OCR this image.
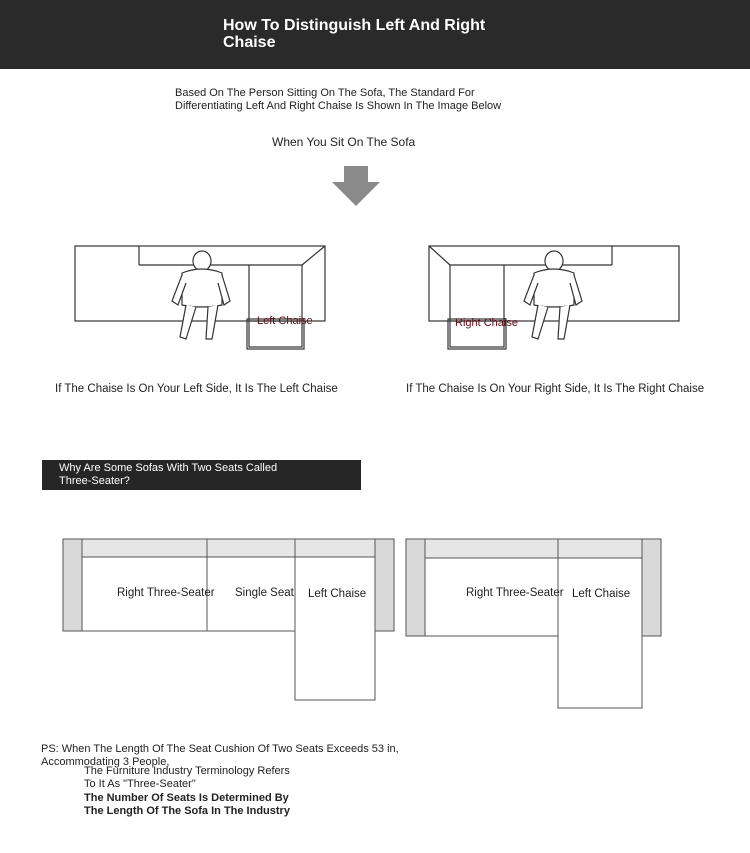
How To Distinguish Left And Right Chaise
Based On The Person Sitting On The Sofa, The Standard For
Differentiating Left And Right Chaise Is Shown In The Image Below
When You Sit On The Sofa
Left Chaise
If The Chaise Is On Your Left Side, It Is The Left Chaise
Right Chaise
If The Chaise Is On Your Right Side, It Is The Right Chaise
Why Are Some Sofas With Two Seats Called
Three-Seater?
Right Three-Seater Single Seat Left Chaise	Right Three-Seater Left Chaise
PS: When The Length Of The Seat Cushion Of Two Seats Exceeds 53 in,
Accommodating 3 People,
The Furniture Industry Terminology Refers
To It As "Three-Seater"
The Number Of Seats Is Determined By
The Length Of The Sofa In The Industry
